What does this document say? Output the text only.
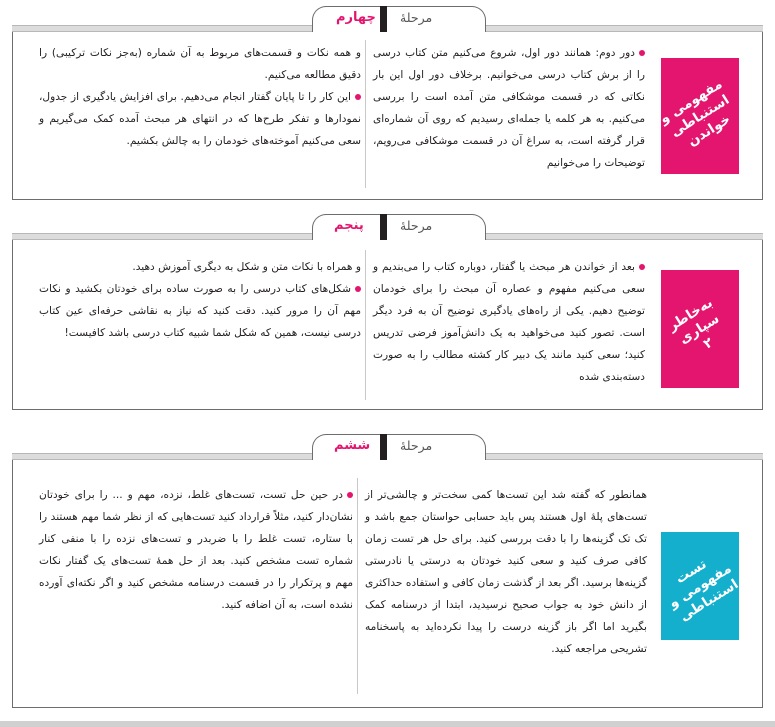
چهارم مرحلهٔ
مفهومی و
استنباطی
خواندن

دور دوم: همانند دور اول، شروع می‌کنیم متن کتاب درسی را از برش کتاب درسی می‌خوانیم. برخلاف دور اول این بار نکاتی که در قسمت موشکافی متن آمده است را بررسی می‌کنیم. به هر کلمه یا جمله‌ای رسیدیم که روی آن شماره‌ای قرار گرفته است، به سراغ آن در قسمت موشکافی می‌رویم، توضیحات را می‌خوانیم

و همه نکات و قسمت‌های مربوط به آن شماره (به‌جز نکات ترکیبی) را دقیق مطالعه می‌کنیم.

این کار را تا پایان گفتار انجام می‌دهیم. برای افزایش یادگیری از جدول، نمودارها و تفکر طرح‌ها که در انتهای هر مبحث آمده کمک می‌گیریم و سعی می‌کنیم آموخته‌های خودمان را به چالش بکشیم.

پنجم	مرحلهٔ
به‌خاطر
سپاری
۲

بعد از خواندن هر مبحث یا گفتار، دوباره کتاب را می‌بندیم و سعی می‌کنیم مفهوم و عصاره آن مبحث را برای خودمان توضیح دهیم. یکی از راه‌های یادگیری توضیح آن به فرد دیگر است. تصور کنید می‌خواهید به یک دانش‌آموز فرضی تدریس کنید؛ سعی کنید مانند یک دبیر کار کشته مطالب را به صورت دسته‌بندی شده

و همراه با نکات متن و شکل به دیگری آموزش دهید.

شکل‌های کتاب درسی را به صورت ساده برای خودتان بکشید و نکات مهم آن را مرور کنید. دقت کنید که نیاز به نقاشی حرفه‌ای عین کتاب درسی نیست، همین که شکل شما شبیه کتاب درسی باشد کافیست!

ششم مرحلهٔ
تست
مفهومی و
استنباطی

همانطور که گفته شد این تست‌ها کمی سخت‌تر و چالشی‌تر از تست‌های پلهٔ اول هستند پس باید حسابی حواستان جمع باشد و تک تک گزینه‌ها را با دقت بررسی کنید. برای حل هر تست زمان کافی صرف کنید و سعی کنید خودتان به درستی یا نادرستی گزینه‌ها برسید. اگر بعد از گذشت زمان کافی و استفاده حداکثری از دانش خود به جواب صحیح نرسیدید، ابتدا از درسنامه کمک بگیرید اما اگر باز گزینه درست را پیدا نکرده‌اید به پاسخنامه تشریحی مراجعه کنید.

در حین حل تست، تست‌های غلط، نزده، مهم و ... را برای خودتان نشان‌دار کنید، مثلاً قرارداد کنید تست‌هایی که از نظر شما مهم هستند را با ستاره، تست غلط را با ضربدر و تست‌های نزده را با منفی کنار شماره تست مشخص کنید. بعد از حل همهٔ تست‌های یک گفتار نکات مهم و پرتکرار را در قسمت درسنامه مشخص کنید و اگر نکته‌ای آورده نشده است، به آن اضافه کنید.
